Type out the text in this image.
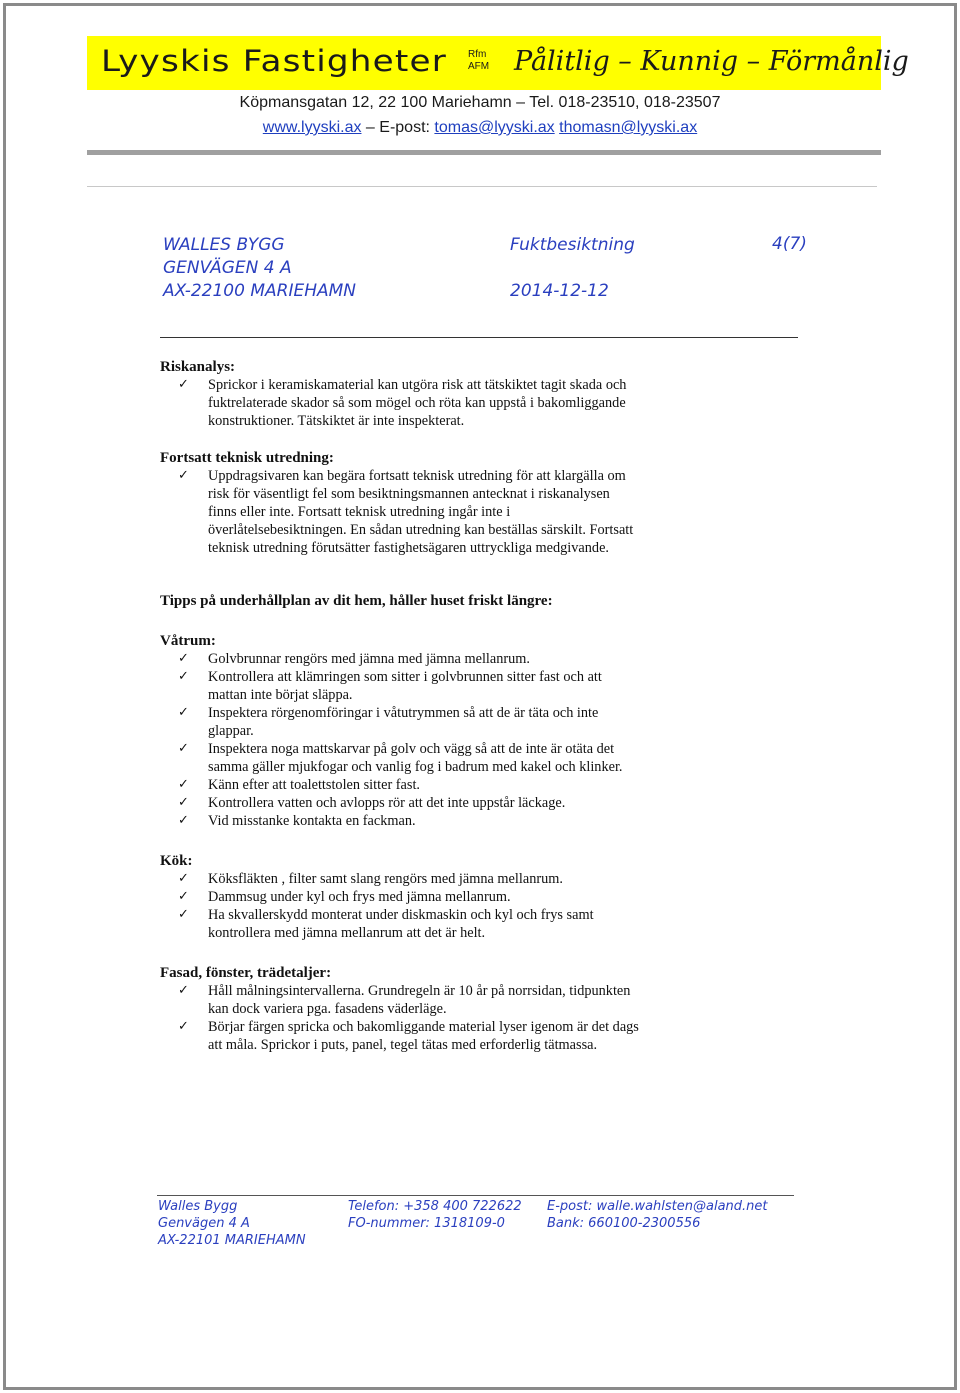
Lyyskis Fastigheter Rfm
AFM Pålitlig – Kunnig – Förmånlig
Köpmansgatan 12, 22 100 Mariehamn – Tel. 018-23510, 018-23507
www.lyyski.ax – E-post: tomas@lyyski.ax thomasn@lyyski.ax
WALLES BYGG
GENVÄGEN 4 A
AX-22100 MARIEHAMN
Fuktbesiktning
2014-12-12
4(7)

Riskanalys:

✓ Sprickor i keramiskamaterial kan utgöra risk att tätskiktet tagit skada och fuktrelaterade skador så som mögel och röta kan uppstå i bakomliggande konstruktioner. Tätskiktet är inte inspekterat.

Fortsatt teknisk utredning:

✓ Uppdragsivaren kan begära fortsatt teknisk utredning för att klargälla om risk för väsentligt fel som besiktningsmannen antecknat i riskanalysen finns eller inte. Fortsatt teknisk utredning ingår inte i överlåtelsebesiktningen. En sådan utredning kan beställas särskilt. Fortsatt teknisk utredning förutsätter fastighetsägaren uttryckliga medgivande.

Tipps på underhållplan av dit hem, håller huset friskt längre:

Våtrum:

✓ Golvbrunnar rengörs med jämna med jämna mellanrum.
✓ Kontrollera att klämringen som sitter i golvbrunnen sitter fast och att mattan inte börjat släppa.
✓ Inspektera rörgenomföringar i våtutrymmen så att de är täta och inte glappar.
✓ Inspektera noga mattskarvar på golv och vägg så att de inte är otäta det samma gäller mjukfogar och vanlig fog i badrum med kakel och klinker.
✓ Känn efter att toalettstolen sitter fast.
✓ Kontrollera vatten och avlopps rör att det inte uppstår läckage.
✓ Vid misstanke kontakta en fackman.

Kök:

✓ Köksfläkten , filter samt slang rengörs med jämna mellanrum.
✓ Dammsug under kyl och frys med jämna mellanrum.
✓ Ha skvallerskydd monterat under diskmaskin och kyl och frys samt kontrollera med jämna mellanrum att det är helt.

Fasad, fönster, trädetaljer:

✓ Håll målningsintervallerna. Grundregeln är 10 år på norrsidan, tidpunkten kan dock variera pga. fasadens väderläge.
✓ Börjar färgen spricka och bakomliggande material lyser igenom är det dags att måla. Sprickor i puts, panel, tegel tätas med erforderlig tätmassa.
Walles Bygg
Genvägen 4 A
AX-22101 MARIEHAMN
Telefon: +358 400 722622
FO-nummer: 1318109-0
E-post: walle.wahlsten@aland.net
Bank: 660100-2300556
